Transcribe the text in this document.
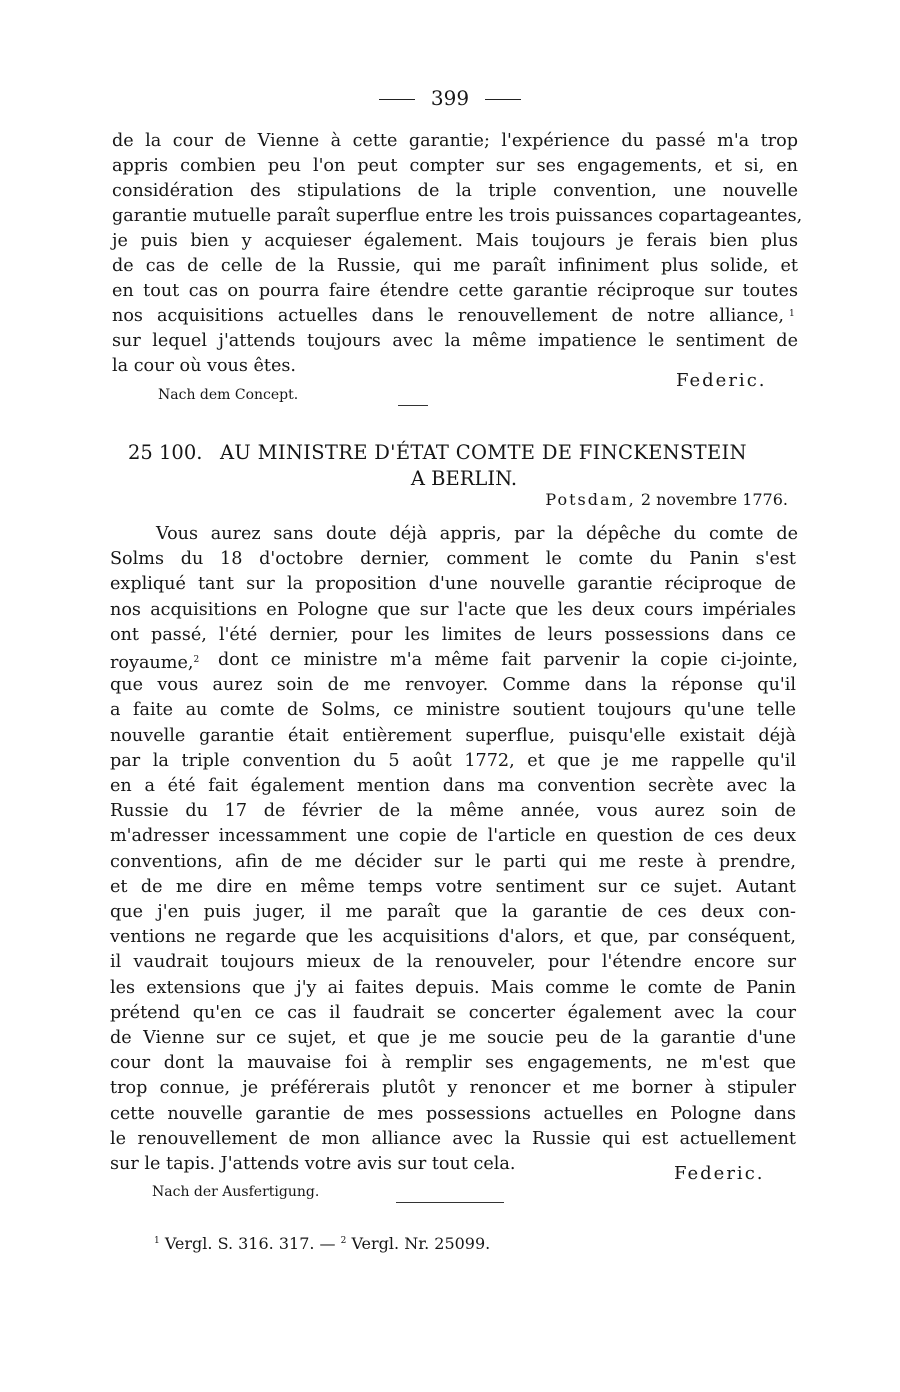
399
de la cour de Vienne à cette garantie; l'expérience du passé m'a trop
appris combien peu l'on peut compter sur ses engagements, et si, en
considération des stipulations de la triple convention, une nouvelle
garantie mutuelle paraît superflue entre les trois puissances copartageantes,
je puis bien y acquieser également. Mais toujours je ferais bien plus
de cas de celle de la Russie, qui me paraît infiniment plus solide, et
en tout cas on pourra faire étendre cette garantie réciproque sur toutes
nos acquisitions actuelles dans le renouvellement de notre alliance, 1
sur lequel j'attends toujours avec la même impatience le sentiment de
la cour où vous êtes.
Federic.
Nach dem Concept.
25 100. AU MINISTRE D'ÉTAT COMTE DE FINCKENSTEIN
A BERLIN.
Potsdam, 2 novembre 1776.
Vous aurez sans doute déjà appris, par la dépêche du comte de
Solms du 18 d'octobre dernier, comment le comte du Panin s'est
expliqué tant sur la proposition d'une nouvelle garantie réciproque de
nos acquisitions en Pologne que sur l'acte que les deux cours impériales
ont passé, l'été dernier, pour les limites de leurs possessions dans ce
royaume,$^2$ dont ce ministre m'a même fait parvenir la copie ci-jointe,
que vous aurez soin de me renvoyer. Comme dans la réponse qu'il
a faite au comte de Solms, ce ministre soutient toujours qu'une telle
nouvelle garantie était entièrement superflue, puisqu'elle existait déjà
par la triple convention du 5 août 1772, et que je me rappelle qu'il
en a été fait également mention dans ma convention secrète avec la
Russie du 17 de février de la même année, vous aurez soin de
m'adresser incessamment une copie de l'article en question de ces deux
conventions, afin de me décider sur le parti qui me reste à prendre,
et de me dire en même temps votre sentiment sur ce sujet. Autant
que j'en puis juger, il me paraît que la garantie de ces deux con-
ventions ne regarde que les acquisitions d'alors, et que, par conséquent,
il vaudrait toujours mieux de la renouveler, pour l'étendre encore sur
les extensions que j'y ai faites depuis. Mais comme le comte de Panin
prétend qu'en ce cas il faudrait se concerter également avec la cour
de Vienne sur ce sujet, et que je me soucie peu de la garantie d'une
cour dont la mauvaise foi à remplir ses engagements, ne m'est que
trop connue, je préférerais plutôt y renoncer et me borner à stipuler
cette nouvelle garantie de mes possessions actuelles en Pologne dans
le renouvellement de mon alliance avec la Russie qui est actuellement
sur le tapis. J'attends votre avis sur tout cela.	Federic.
Nach der Ausfertigung.
$^1$ Vergl. S. 316. 317. — $^2$ Vergl. Nr. 25099.
